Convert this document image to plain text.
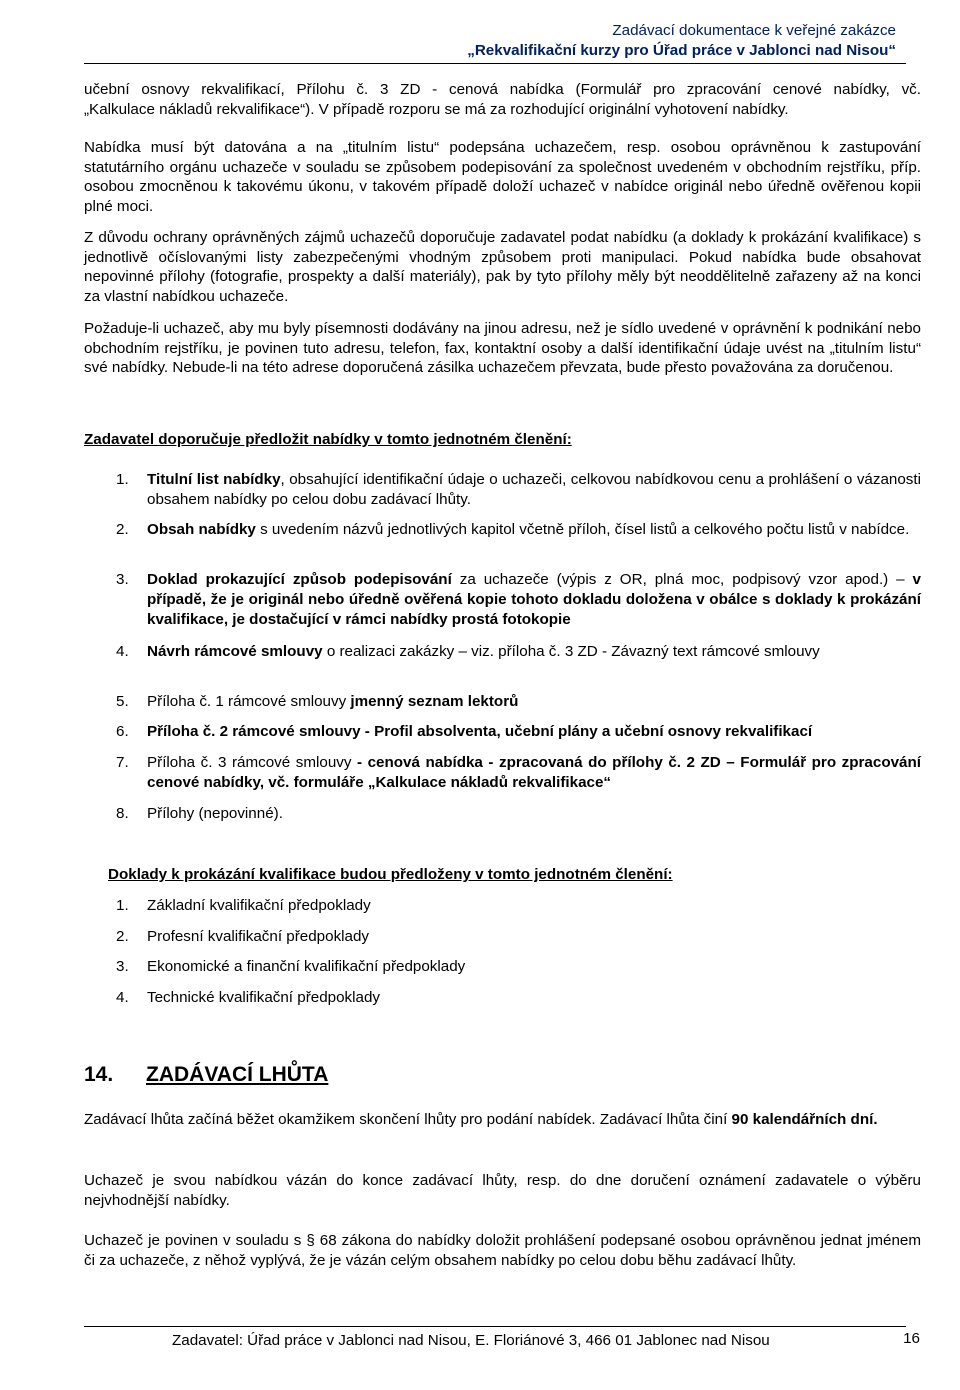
Zadávací dokumentace k veřejné zakázce
„Rekvalifikační kurzy pro Úřad práce v Jablonci nad Nisou“

učební osnovy rekvalifikací, Přílohu č. 3 ZD - cenová nabídka (Formulář pro zpracování cenové nabídky, vč.

„Kalkulace nákladů rekvalifikace“). V případě rozporu se má za rozhodující originální vyhotovení nabídky.

Nabídka musí být datována a na „titulním listu“ podepsána uchazečem, resp. osobou oprávněnou k zastupování statutárního orgánu uchazeče v souladu se způsobem podepisování za společnost uvedeném v obchodním rejstříku, příp. osobou zmocněnou k takovému úkonu, v takovém případě doloží uchazeč v nabídce originál nebo úředně ověřenou kopii plné moci.

Z důvodu ochrany oprávněných zájmů uchazečů doporučuje zadavatel podat nabídku (a doklady k prokázání kvalifikace) s jednotlivě očíslovanými listy zabezpečenými vhodným způsobem proti manipulaci. Pokud nabídka bude obsahovat nepovinné přílohy (fotografie, prospekty a další materiály), pak by tyto přílohy měly být neoddělitelně zařazeny až na konci za vlastní nabídkou uchazeče.

Požaduje-li uchazeč, aby mu byly písemnosti dodávány na jinou adresu, než je sídlo uvedené v oprávnění k podnikání nebo obchodním rejstříku, je povinen tuto adresu, telefon, fax, kontaktní osoby a další identifikační údaje uvést na „titulním listu“ své nabídky. Nebude-li na této adrese doporučená zásilka uchazečem převzata, bude přesto považována za doručenou.

Zadavatel doporučuje předložit nabídky v tomto jednotném členění:
1.	Titulní list nabídky, obsahující identifikační údaje o uchazeči, celkovou nabídkovou cenu a prohlášení o vázanosti obsahem nabídky po celou dobu zadávací lhůty.
2.	Obsah nabídky s uvedením názvů jednotlivých kapitol včetně příloh, čísel listů a celkového počtu listů v nabídce.
3.	Doklad prokazující způsob podepisování za uchazeče (výpis z OR, plná moc, podpisový vzor apod.) – v případě, že je originál nebo úředně ověřená kopie tohoto dokladu doložena v obálce s doklady k prokázání kvalifikace, je dostačující v rámci nabídky prostá fotokopie
4.	Návrh rámcové smlouvy o realizaci zakázky – viz. příloha č. 3 ZD - Závazný text rámcové smlouvy
5.	Příloha č. 1 rámcové smlouvy jmenný seznam lektorů
6.	Příloha č. 2 rámcové smlouvy - Profil absolventa, učební plány a učební osnovy rekvalifikací
7.	Příloha č. 3 rámcové smlouvy - cenová nabídka - zpracovaná do přílohy č. 2 ZD – Formulář pro zpracování cenové nabídky, vč. formuláře „Kalkulace nákladů rekvalifikace“
8.	Přílohy (nepovinné).
Doklady k prokázání kvalifikace budou předloženy v tomto jednotném členění:
1.	Základní kvalifikační předpoklady
2.	Profesní kvalifikační předpoklady
3.	Ekonomické a finanční kvalifikační předpoklady
4.	Technické kvalifikační předpoklady
14. ZADÁVACÍ LHŮTA

Zadávací lhůta začíná běžet okamžikem skončení lhůty pro podání nabídek. Zadávací lhůta činí 90 kalendářních dní.

Uchazeč je svou nabídkou vázán do konce zadávací lhůty, resp. do dne doručení oznámení zadavatele o výběru nejvhodnější nabídky.

Uchazeč je povinen v souladu s § 68 zákona do nabídky doložit prohlášení podepsané osobou oprávněnou jednat jménem či za uchazeče, z něhož vyplývá, že je vázán celým obsahem nabídky po celou dobu běhu zadávací lhůty.

Zadavatel: Úřad práce v Jablonci nad Nisou, E. Floriánové 3, 466 01 Jablonec nad Nisou	16
